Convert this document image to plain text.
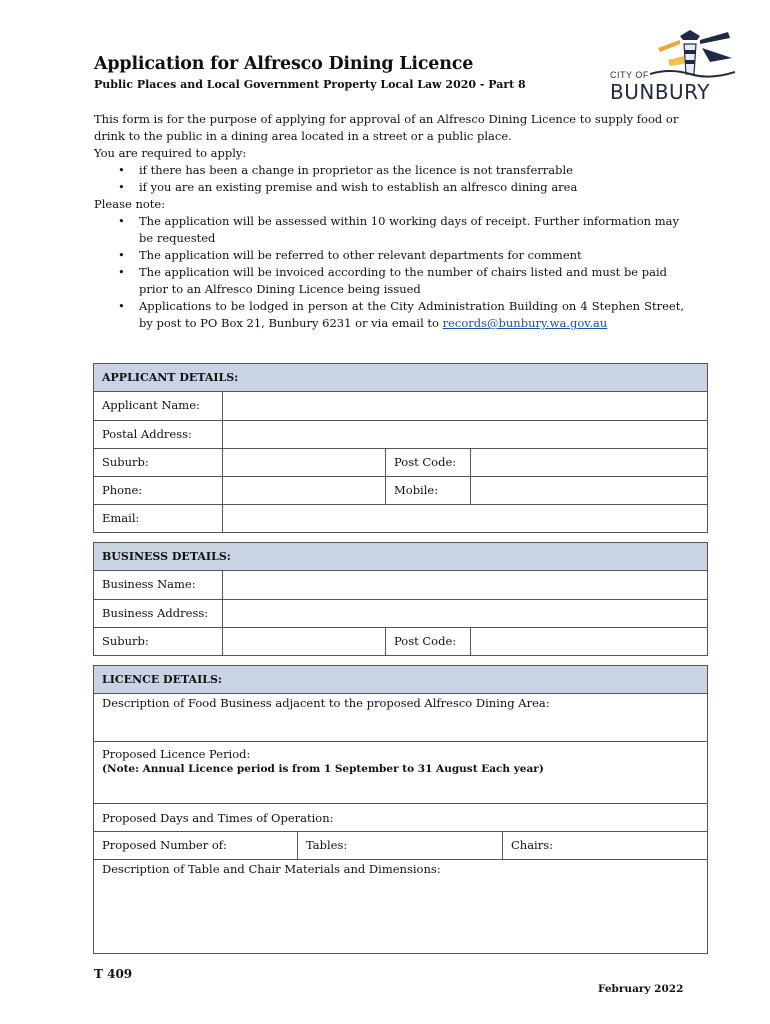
Application for Alfresco Dining Licence
Public Places and Local Government Property Local Law 2020 - Part 8
CITY OF
BUNBURY

This form is for the purpose of applying for approval of an Alfresco Dining Licence to supply food or drink to the public in a dining area located in a street or a public place.

You are required to apply:

• if there has been a change in proprietor as the licence is not transferrable
• if you are an existing premise and wish to establish an alfresco dining area

Please note:

• The application will be assessed within 10 working days of receipt. Further information may be requested
• The application will be referred to other relevant departments for comment
• The application will be invoiced according to the number of chairs listed and must be paid prior to an Alfresco Dining Licence being issued
• Applications to be lodged in person at the City Administration Building on 4 Stephen Street, by post to PO Box 21, Bunbury 6231 or via email to records@bunbury.wa.gov.au
APPLICANT DETAILS:
Applicant Name:
Postal Address:
Suburb:	Post Code:
Phone:	Mobile:
Email:
BUSINESS DETAILS:
Business Name:
Business Address:
Suburb:	Post Code:
LICENCE DETAILS:
Description of Food Business adjacent to the proposed Alfresco Dining Area:
Proposed Licence Period:
(Note: Annual Licence period is from 1 September to 31 August Each year)
Proposed Days and Times of Operation:
Proposed Number of:	Tables:	Chairs:
Description of Table and Chair Materials and Dimensions:
T 409
February 2022
